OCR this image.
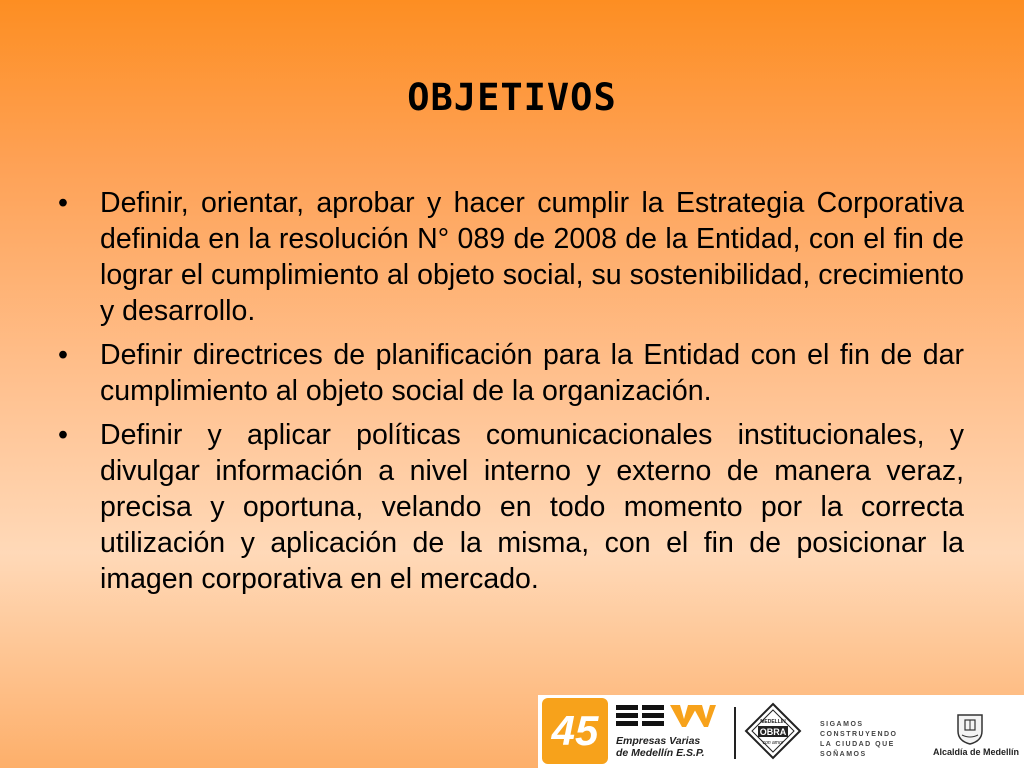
OBJETIVOS
•	Definir, orientar, aprobar y hacer cumplir la Estrategia Corporativa definida en la resolución N° 089 de 2008 de la Entidad, con el fin de lograr el cumplimiento al objeto social, su sostenibilidad, crecimiento y desarrollo.
•	Definir directrices de planificación para la Entidad con el fin de dar cumplimiento al objeto social de la organización.
•	Definir y aplicar políticas comunicacionales institucionales, y divulgar información a nivel interno y externo de manera veraz, precisa y oportuna, velando en todo momento por la correcta utilización y aplicación de la misma, con el fin de posicionar la imagen corporativa en el mercado.
45	Empresas Varias
de Medellín E.S.P.
MEDELLÍN
OBRA
con amor
SIGAMOS CONSTRUYENDO
LA CIUDAD QUE SOÑAMOS	Alcaldía de Medellín
